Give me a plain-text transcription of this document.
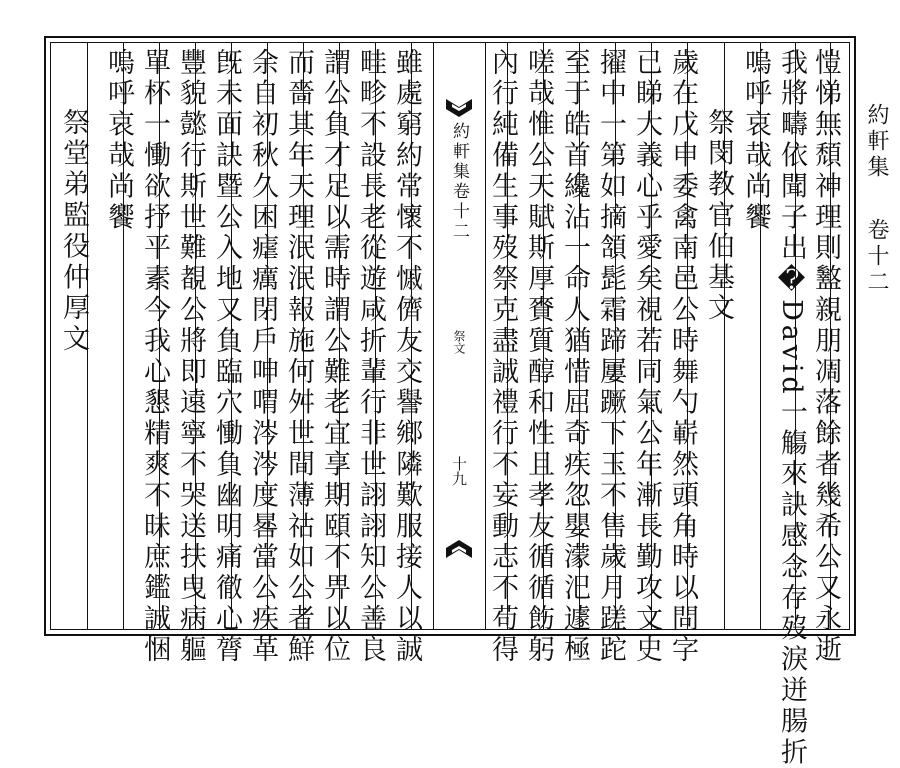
約軒集
卷十二
愷悌無頹神理則盭親朋凋落餘者幾希公又永逝
我將疇依聞子出�David一觴來訣感念存歿淚迸腸折
嗚呼哀哉尚饗
祭閔教官伯基文
歲在戊申委禽南邑公時舞勺嶄然頭角時以問字
已睇大義心乎愛矣視若同氣公年漸長勤攻文史
擢中一第如摘頷髭霜蹄屢蹶下玉不售歲月蹉跎
至于皓首纔沾一命人猶惜屈奇疾忽嬰濛汜遽極
嗟哉惟公天賦斯厚賚質醇和性且孝友循循飭躬
內行純備生事歿祭克盡誠禮行不妄動志不苟得
雖處窮約常懷不慽儕友交譽鄉隣歎服接人以誠
畦畛不設長老從遊咸折輩行非世詡詡知公善良
謂公負才足以需時謂公難老宜享期頤不畀以位
而嗇其年天理泯泯報施何舛世間薄祜如公者鮮
余自初秋久困瘧癘閉戶呻喟涔涔度晷當公疾革
旣未面訣暨公入地又負臨穴慟負幽明痛徹心膂
豐貌懿行斯世難覩公將即遠寧不哭送扶曳病軀
單杯一慟欲抒平素今我心懇精爽不昧庶鑑誠悃
嗚呼哀哉尚饗
祭堂弟監役仲厚文	約軒集卷十二
祭文
十九
